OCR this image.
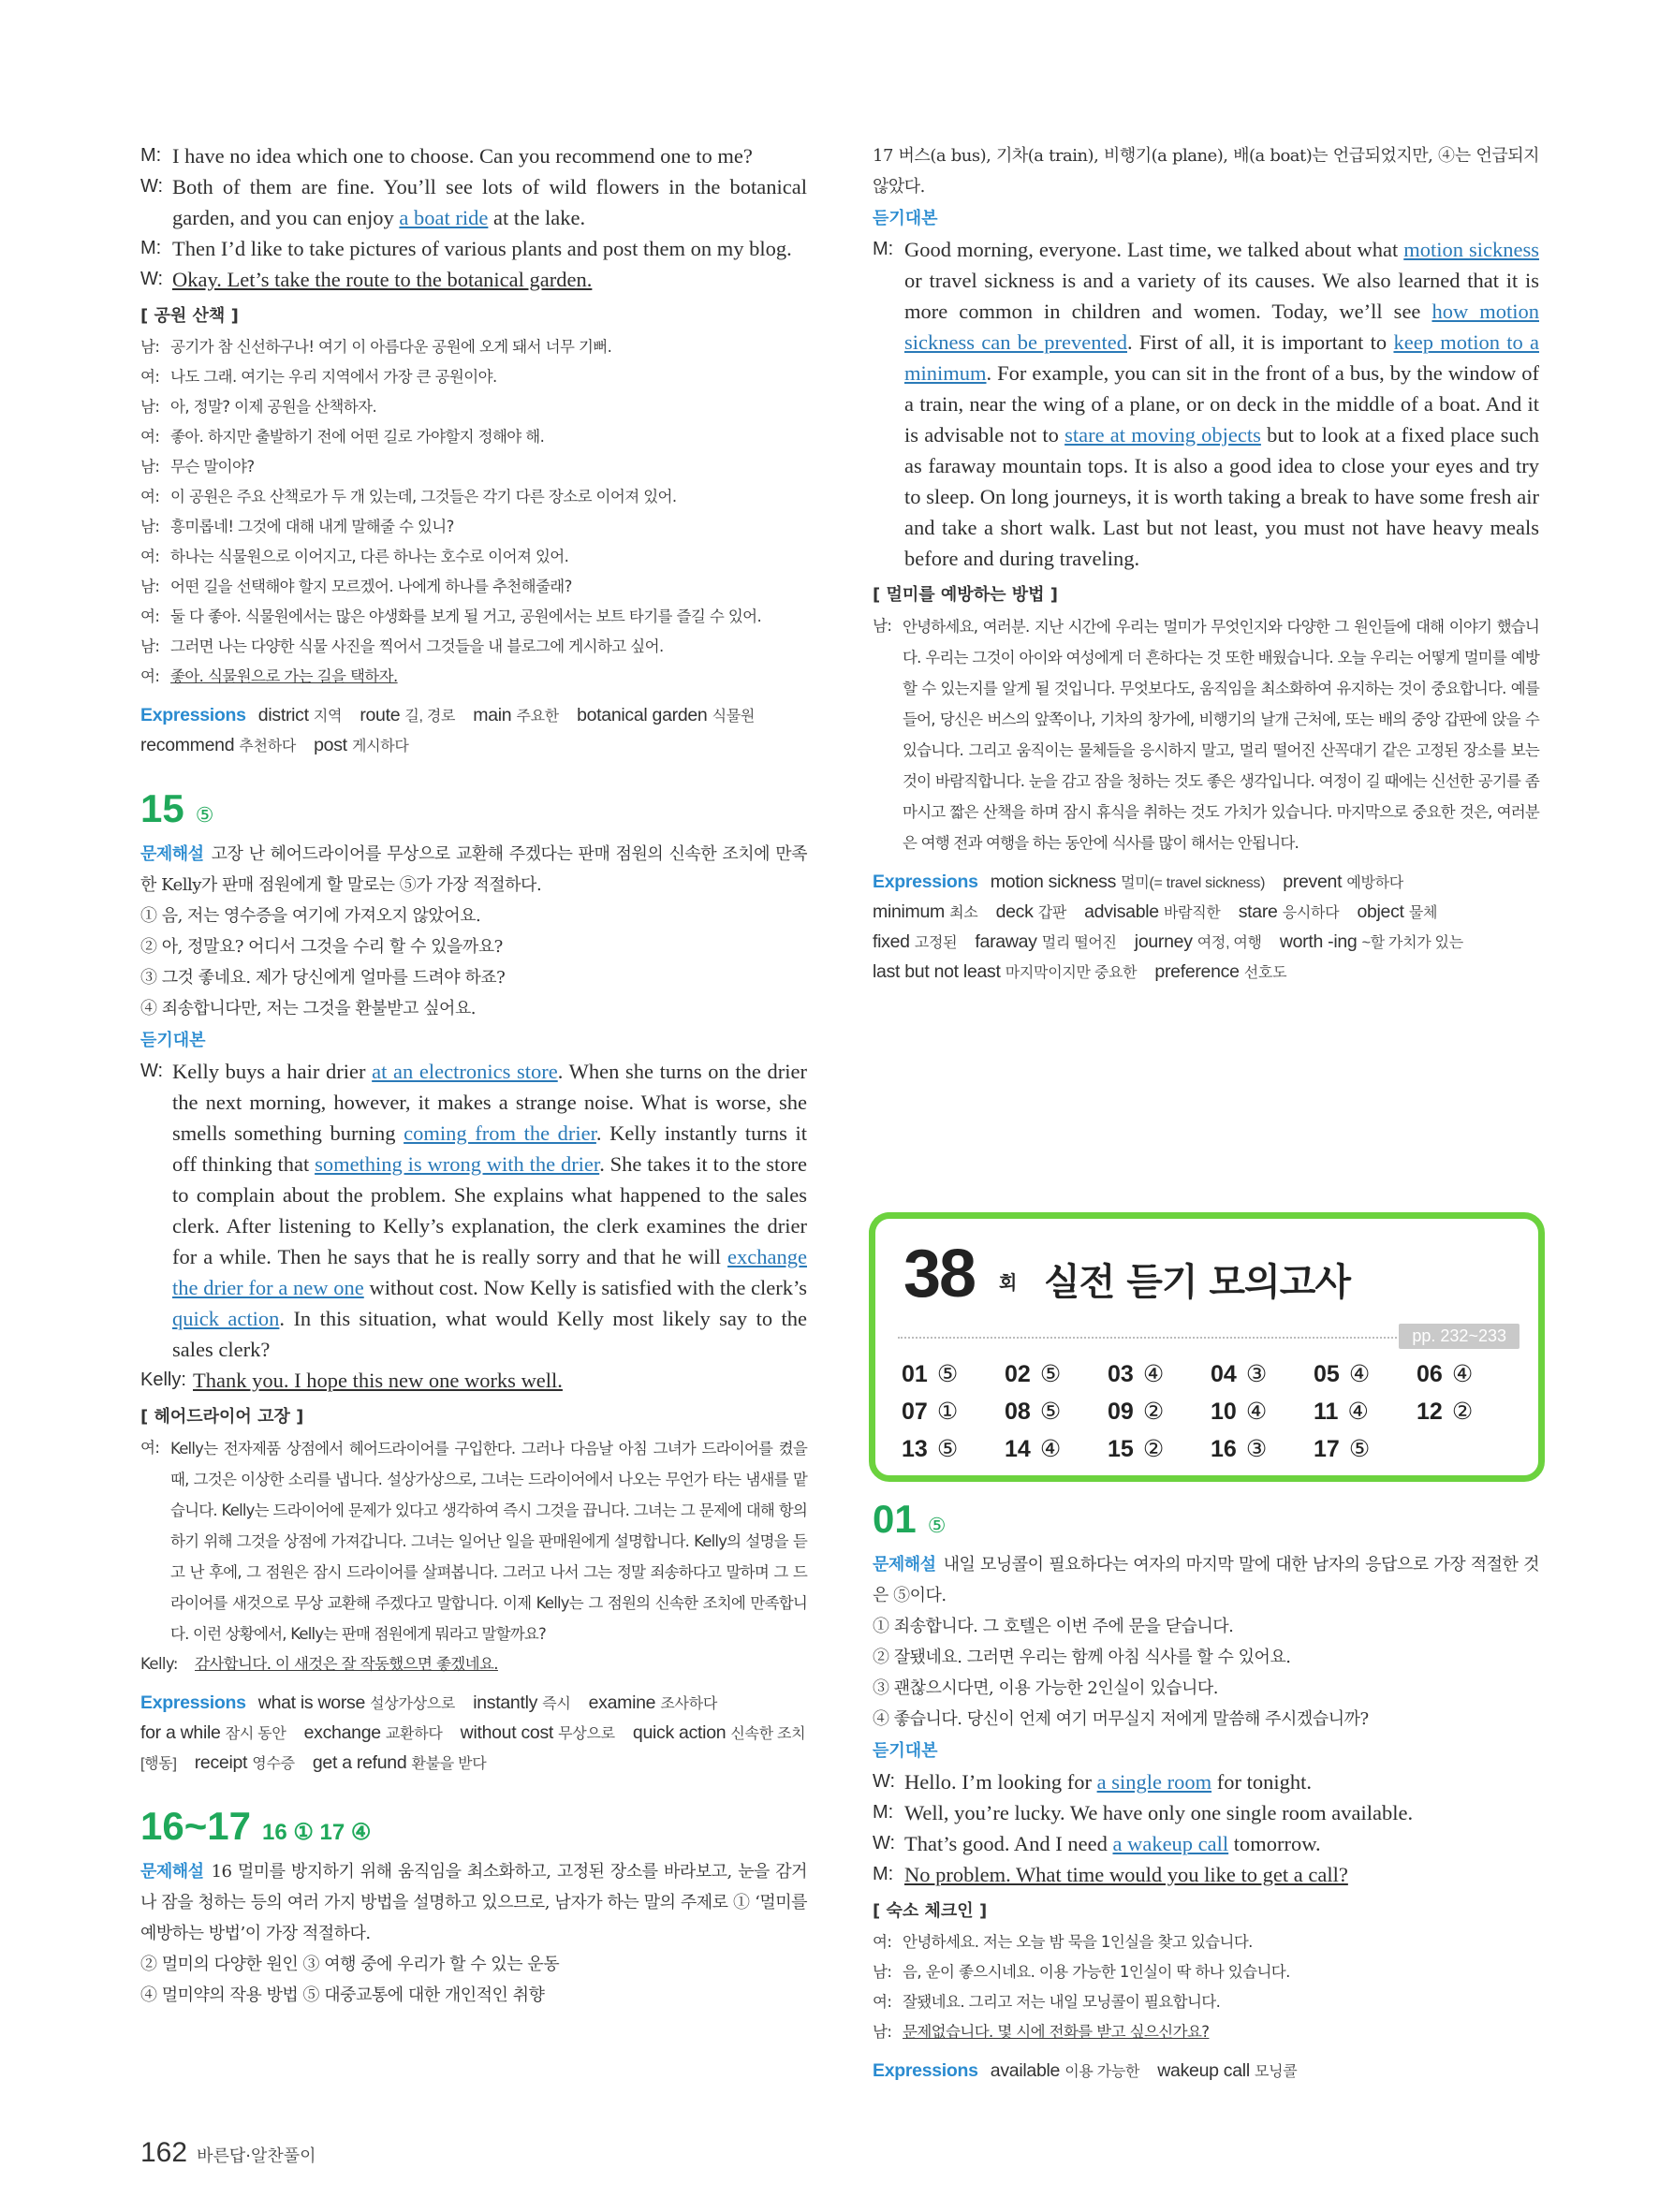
M: I have no idea which one to choose. Can you recommend one to me?
W: Both of them are fine. You’ll see lots of wild flowers in the botanical garden, and you can enjoy a boat ride at the lake.
M: Then I’d like to take pictures of various plants and post them on my blog.
W: Okay. Let’s take the route to the botanical garden.
[ 공원 산책 ]
남: 공기가 참 신선하구나! 여기 이 아름다운 공원에 오게 돼서 너무 기뻐.
여: 나도 그래. 여기는 우리 지역에서 가장 큰 공원이야.
남: 아, 정말? 이제 공원을 산책하자.
여: 좋아. 하지만 출발하기 전에 어떤 길로 가야할지 정해야 해.
남: 무슨 말이야?
여: 이 공원은 주요 산책로가 두 개 있는데, 그것들은 각기 다른 장소로 이어져 있어.
남: 흥미롭네! 그것에 대해 내게 말해줄 수 있니?
여: 하나는 식물원으로 이어지고, 다른 하나는 호수로 이어져 있어.
남: 어떤 길을 선택해야 할지 모르겠어. 나에게 하나를 추천해줄래?
여: 둘 다 좋아. 식물원에서는 많은 야생화를 보게 될 거고, 공원에서는 보트 타기를 즐길 수 있어.
남: 그러면 나는 다양한 식물 사진을 찍어서 그것들을 내 블로그에 게시하고 싶어.
여: 좋아. 식물원으로 가는 길을 택하자.
Expressions district 지역 route 길, 경로 main 주요한 botanical garden 식물원
recommend 추천하다 post 게시하다
15 ⑤
문제해설 고장 난 헤어드라이어를 무상으로 교환해 주겠다는 판매 점원의 신속한 조치에 만족한 Kelly가 판매 점원에게 할 말로는 ⑤가 가장 적절하다.
① 음, 저는 영수증을 여기에 가져오지 않았어요.
② 아, 정말요? 어디서 그것을 수리 할 수 있을까요?
③ 그것 좋네요. 제가 당신에게 얼마를 드려야 하죠?
④ 죄송합니다만, 저는 그것을 환불받고 싶어요.
듣기대본
W: Kelly buys a hair drier at an electronics store. When she turns on the drier the next morning, however, it makes a strange noise. What is worse, she smells something burning coming from the drier. Kelly instantly turns it off thinking that something is wrong with the drier. She takes it to the store to complain about the problem. She explains what happened to the sales clerk. After listening to Kelly’s explanation, the clerk examines the drier for a while. Then he says that he is really sorry and that he will exchange the drier for a new one without cost. Now Kelly is satisfied with the clerk’s quick action. In this situation, what would Kelly most likely say to the sales clerk?
Kelly: Thank you. I hope this new one works well.
[ 헤어드라이어 고장 ]
여: Kelly는 전자제품 상점에서 헤어드라이어를 구입한다. 그러나 다음날 아침 그녀가 드라이어를 켰을 때, 그것은 이상한 소리를 냅니다. 설상가상으로, 그녀는 드라이어에서 나오는 무언가 타는 냄새를 맡습니다. Kelly는 드라이어에 문제가 있다고 생각하여 즉시 그것을 끕니다. 그녀는 그 문제에 대해 항의하기 위해 그것을 상점에 가져갑니다. 그녀는 일어난 일을 판매원에게 설명합니다. Kelly의 설명을 듣고 난 후에, 그 점원은 잠시 드라이어를 살펴봅니다. 그러고 나서 그는 정말 죄송하다고 말하며 그 드라이어를 새것으로 무상 교환해 주겠다고 말합니다. 이제 Kelly는 그 점원의 신속한 조치에 만족합니다. 이런 상황에서, Kelly는 판매 점원에게 뭐라고 말할까요?
Kelly:	감사합니다. 이 새것은 잘 작동했으면 좋겠네요.
Expressions what is worse 설상가상으로 instantly 즉시 examine 조사하다
for a while 잠시 동안 exchange 교환하다 without cost 무상으로 quick action 신속한 조치[행동] receipt 영수증 get a refund 환불을 받다
16~17 16 ① 17 ④
문제해설 16 멀미를 방지하기 위해 움직임을 최소화하고, 고정된 장소를 바라보고, 눈을 감거나 잠을 청하는 등의 여러 가지 방법을 설명하고 있으므로, 남자가 하는 말의 주제로 ① ‘멀미를 예방하는 방법’이 가장 적절하다.
② 멀미의 다양한 원인 ③ 여행 중에 우리가 할 수 있는 운동
④ 멀미약의 작용 방법 ⑤ 대중교통에 대한 개인적인 취향
17 버스(a bus), 기차(a train), 비행기(a plane), 배(a boat)는 언급되었지만, ④는 언급되지 않았다.
듣기대본
M: Good morning, everyone. Last time, we talked about what motion sickness or travel sickness is and a variety of its causes. We also learned that it is more common in children and women. Today, we’ll see how motion sickness can be prevented. First of all, it is important to keep motion to a minimum. For example, you can sit in the front of a bus, by the window of a train, near the wing of a plane, or on deck in the middle of a boat. And it is advisable not to stare at moving objects but to look at a fixed place such as faraway mountain tops. It is also a good idea to close your eyes and try to sleep. On long journeys, it is worth taking a break to have some fresh air and take a short walk. Last but not least, you must not have heavy meals before and during traveling.
[ 멀미를 예방하는 방법 ]
남: 안녕하세요, 여러분. 지난 시간에 우리는 멀미가 무엇인지와 다양한 그 원인들에 대해 이야기 했습니다. 우리는 그것이 아이와 여성에게 더 흔하다는 것 또한 배웠습니다. 오늘 우리는 어떻게 멀미를 예방할 수 있는지를 알게 될 것입니다. 무엇보다도, 움직임을 최소화하여 유지하는 것이 중요합니다. 예를 들어, 당신은 버스의 앞쪽이나, 기차의 창가에, 비행기의 날개 근처에, 또는 배의 중앙 갑판에 앉을 수 있습니다. 그리고 움직이는 물체들을 응시하지 말고, 멀리 떨어진 산꼭대기 같은 고정된 장소를 보는 것이 바람직합니다. 눈을 감고 잠을 청하는 것도 좋은 생각입니다. 여정이 길 때에는 신선한 공기를 좀 마시고 짧은 산책을 하며 잠시 휴식을 취하는 것도 가치가 있습니다. 마지막으로 중요한 것은, 여러분은 여행 전과 여행을 하는 동안에 식사를 많이 해서는 안됩니다.
Expressions motion sickness 멀미(= travel sickness) prevent 예방하다
minimum 최소 deck 갑판 advisable 바람직한 stare 응시하다 object 물체
fixed 고정된 faraway 멀리 떨어진 journey 여정, 여행 worth -ing ~할 가치가 있는
last but not least 마지막이지만 중요한 preference 선호도
38 회 실전 듣기 모의고사
pp. 232~233
01 ⑤	02 ⑤	03 ④	04 ③	05 ④	06 ④
07 ①	08 ⑤	09 ②	10 ④	11 ④	12 ②
13 ⑤	14 ④	15 ②	16 ③	17 ⑤
01 ⑤
문제해설 내일 모닝콜이 필요하다는 여자의 마지막 말에 대한 남자의 응답으로 가장 적절한 것은 ⑤이다.
① 죄송합니다. 그 호텔은 이번 주에 문을 닫습니다.
② 잘됐네요. 그러면 우리는 함께 아침 식사를 할 수 있어요.
③ 괜찮으시다면, 이용 가능한 2인실이 있습니다.
④ 좋습니다. 당신이 언제 여기 머무실지 저에게 말씀해 주시겠습니까?
듣기대본
W: Hello. I’m looking for a single room for tonight.
M: Well, you’re lucky. We have only one single room available.
W: That’s good. And I need a wakeup call tomorrow.
M: No problem. What time would you like to get a call?
[ 숙소 체크인 ]
여: 안녕하세요. 저는 오늘 밤 묵을 1인실을 찾고 있습니다.
남: 음, 운이 좋으시네요. 이용 가능한 1인실이 딱 하나 있습니다.
여: 잘됐네요. 그리고 저는 내일 모닝콜이 필요합니다.
남: 문제없습니다. 몇 시에 전화를 받고 싶으신가요?
Expressions available 이용 가능한 wakeup call 모닝콜
162 바른답·알찬풀이
